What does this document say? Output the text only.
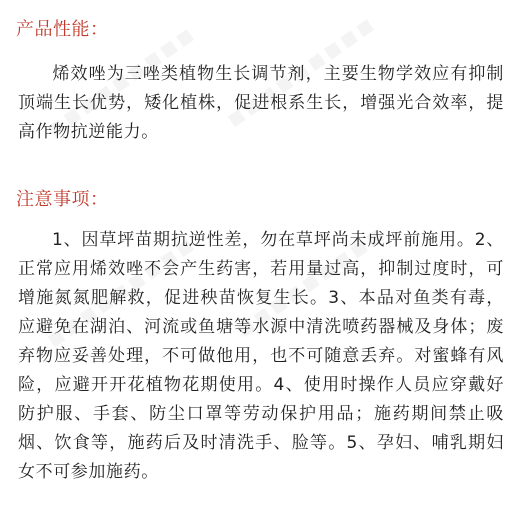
产品性能：
烯效唑为三唑类植物生长调节剂，主要生物学效应有抑制顶端生长优势，矮化植株，促进根系生长，增强光合效率，提高作物抗逆能力。
注意事项：
1、因草坪苗期抗逆性差，勿在草坪尚未成坪前施用。2、正常应用烯效唑不会产生药害，若用量过高，抑制过度时，可增施氮氮肥解救，促进秧苗恢复生长。3、本品对鱼类有毒，应避免在湖泊、河流或鱼塘等水源中清洗喷药器械及身体；废弃物应妥善处理，不可做他用，也不可随意丢弃。对蜜蜂有风险，应避开开花植物花期使用。4、使用时操作人员应穿戴好防护服、手套、防尘口罩等劳动保护用品；施药期间禁止吸烟、饮食等，施药后及时清洗手、脸等。5、孕妇、哺乳期妇女不可参加施药。
